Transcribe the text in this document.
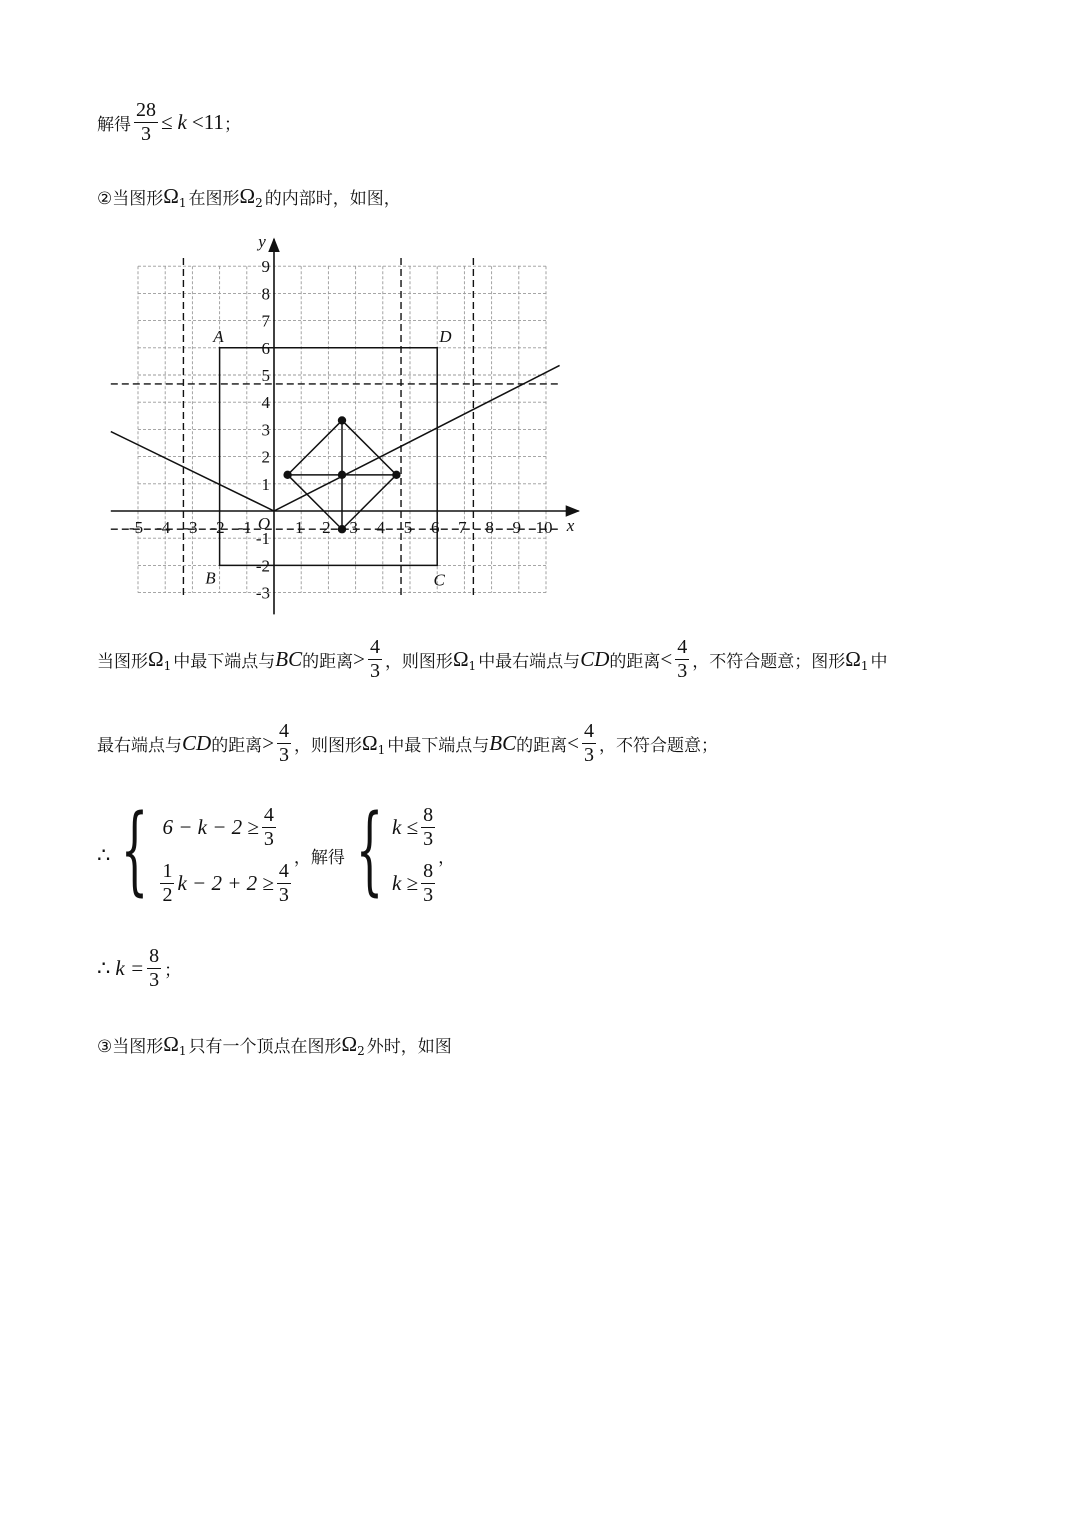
解得 $\frac{28}{3} \le k <11$ ；
②当图形 Ω 1 在图形 Ω 2 的内部时，如图，
-5 -4 -3 -2 -1	1 2 3 4 5 6 7 8 9 10
9
8
7
6
5
4
3
2
1
-1
-2
-3
x
y
O
A	D
B	C
当图形 Ω 1 中最下端点与 BC 的距离 > $\frac{4}{3}$ ，则图形 Ω 1 中最右端点与 CD 的距离 < $\frac{4}{3}$ ，不符合题意；图形 Ω 1 中
最右端点与 CD 的距离 > $\frac{4}{3}$ ，则图形 Ω 1 中最下端点与 BC 的距离 < $\frac{4}{3}$ ，不符合题意；
∴ { $6 - k - 2 \ge \frac{4}{3}$
$\frac{1}{2}$ $k - 2 + 2 \ge \frac{4}{3}$
，解得 { $k \le \frac{8}{3}$
$k \ge \frac{8}{3}$
，
∴ $k = \frac{8}{3}$ ；
③当图形 Ω 1 只有一个顶点在图形 Ω 2 外时，如图
